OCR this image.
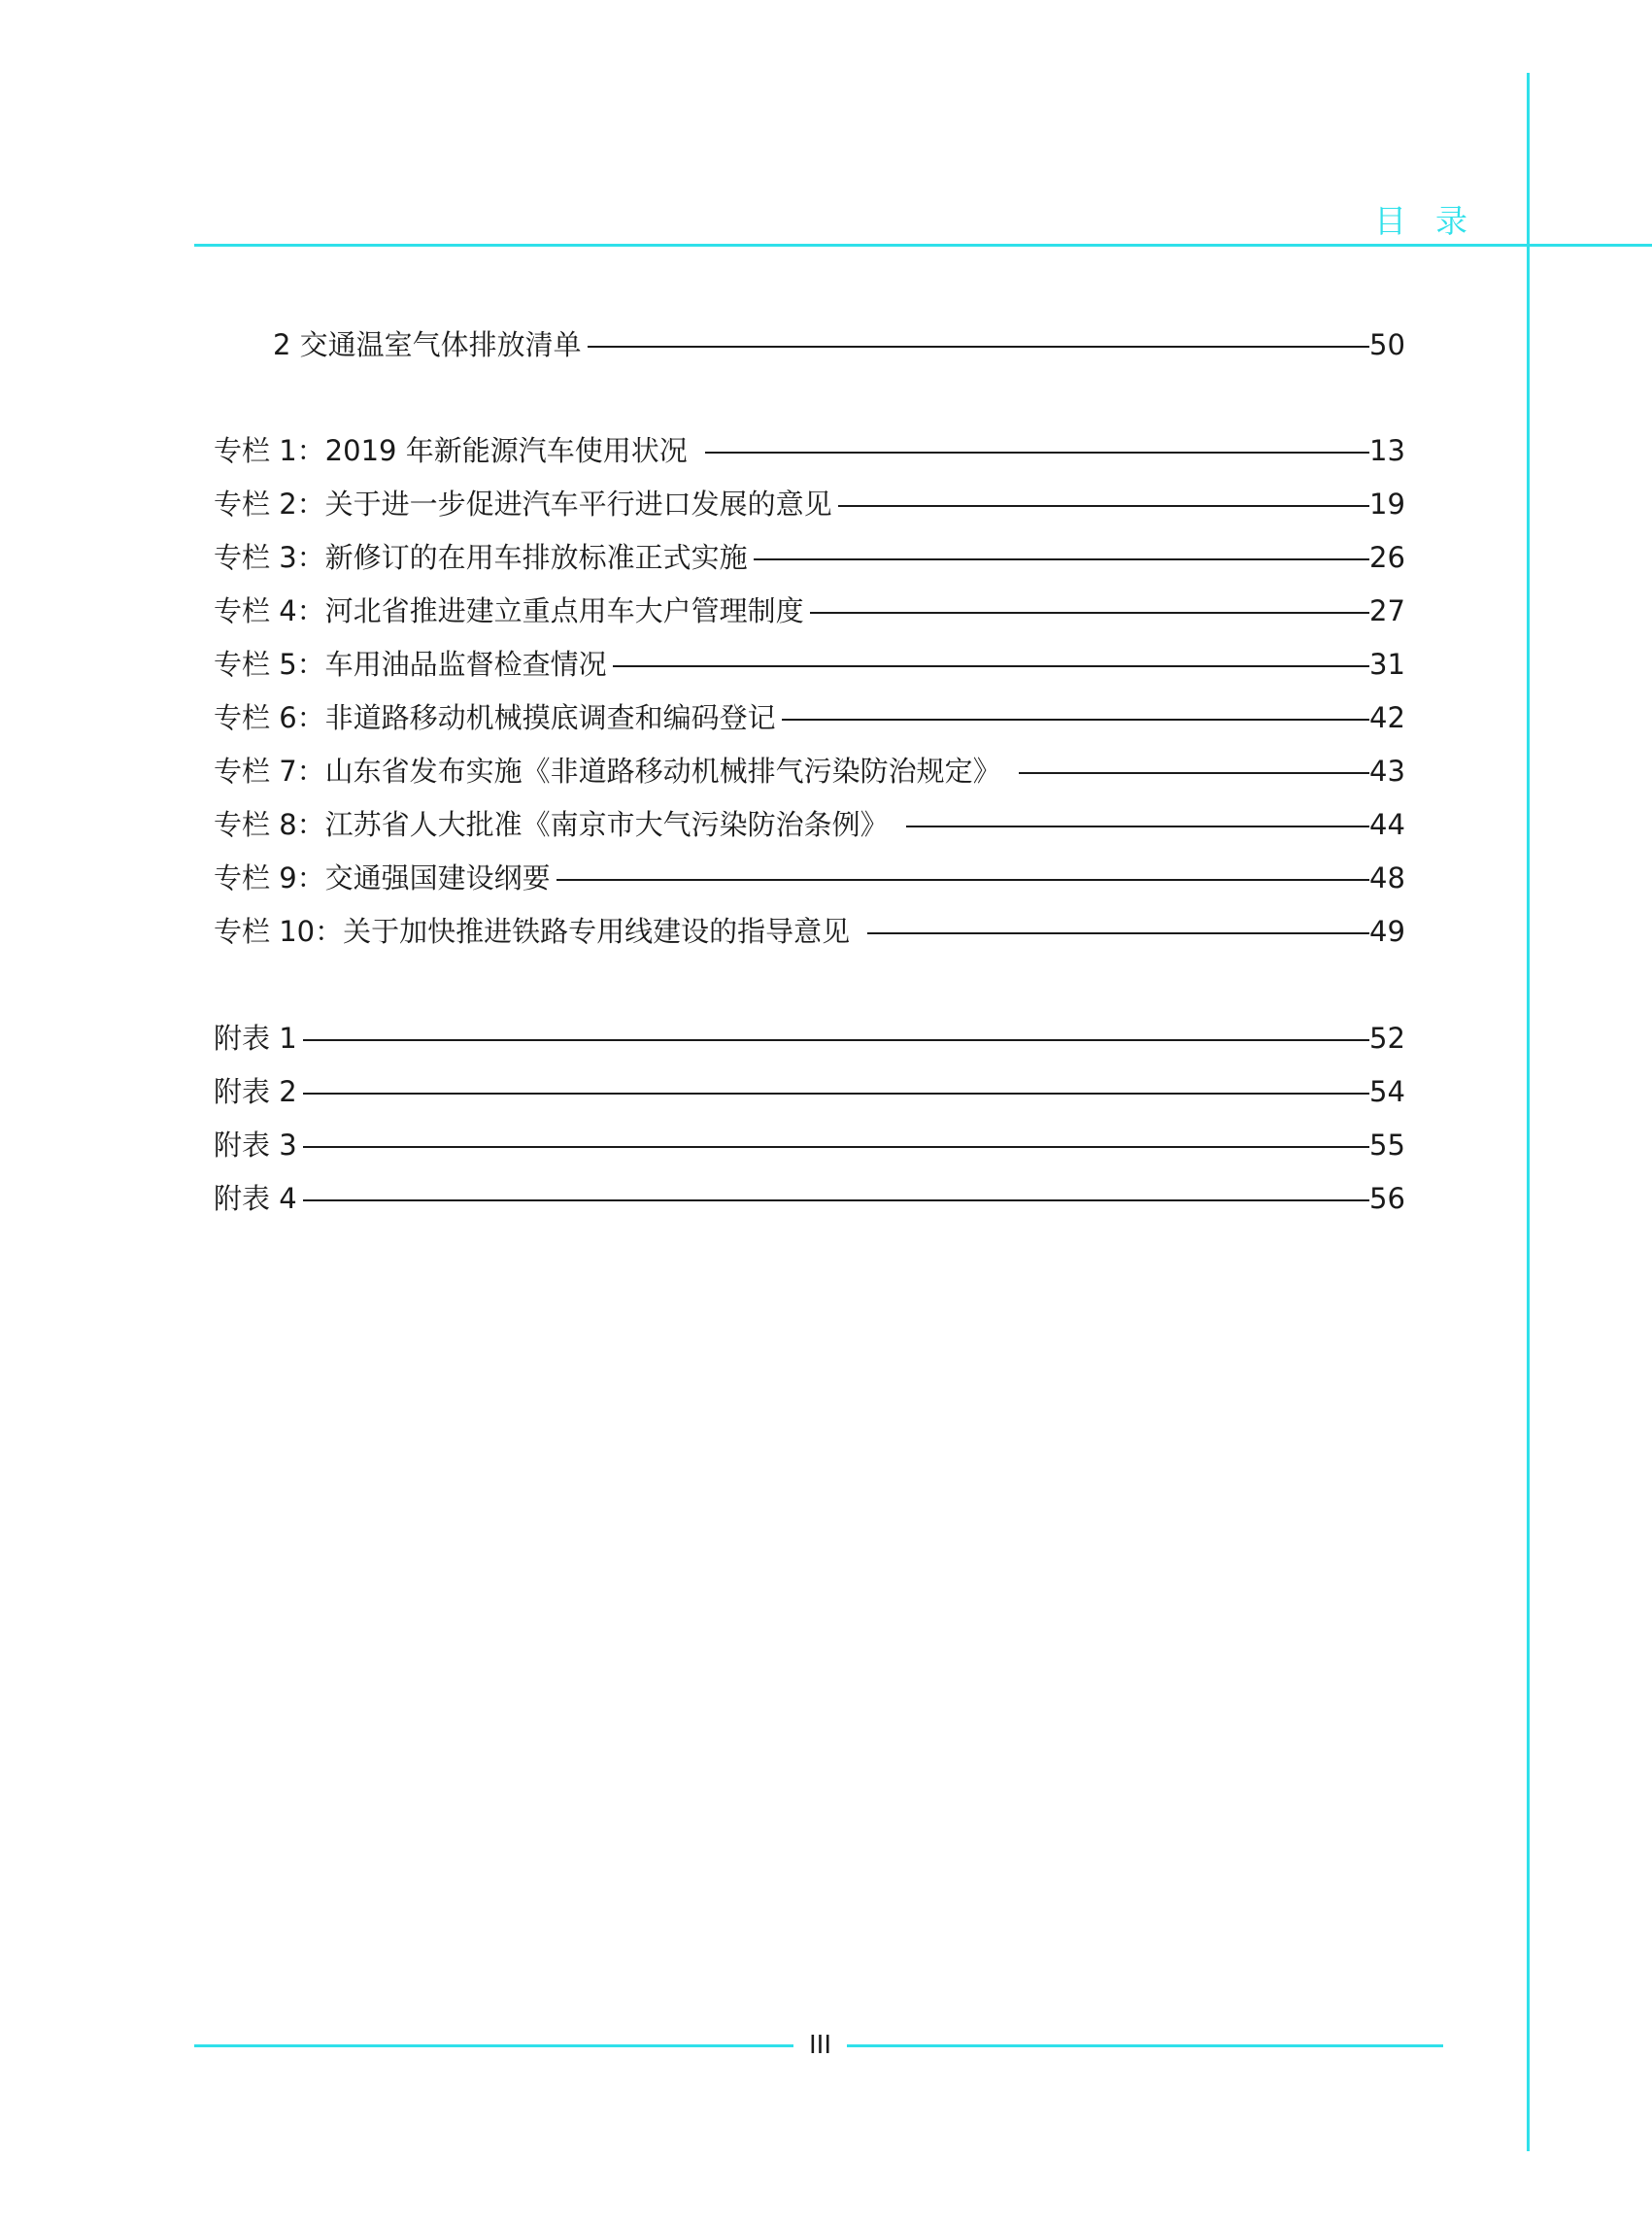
目录
2 交通温室气体排放清单	50
专栏 1：2019 年新能源汽车使用状况	13
专栏 2：关于进一步促进汽车平行进口发展的意见	19
专栏 3：新修订的在用车排放标准正式实施	26
专栏 4：河北省推进建立重点用车大户管理制度	27
专栏 5：车用油品监督检查情况	31
专栏 6：非道路移动机械摸底调查和编码登记	42
专栏 7：山东省发布实施《非道路移动机械排气污染防治规定》	43
专栏 8：江苏省人大批准《南京市大气污染防治条例》	44
专栏 9：交通强国建设纲要	48
专栏 10：关于加快推进铁路专用线建设的指导意见	49
附表 1	52
附表 2	54
附表 3	55
附表 4	56
III
